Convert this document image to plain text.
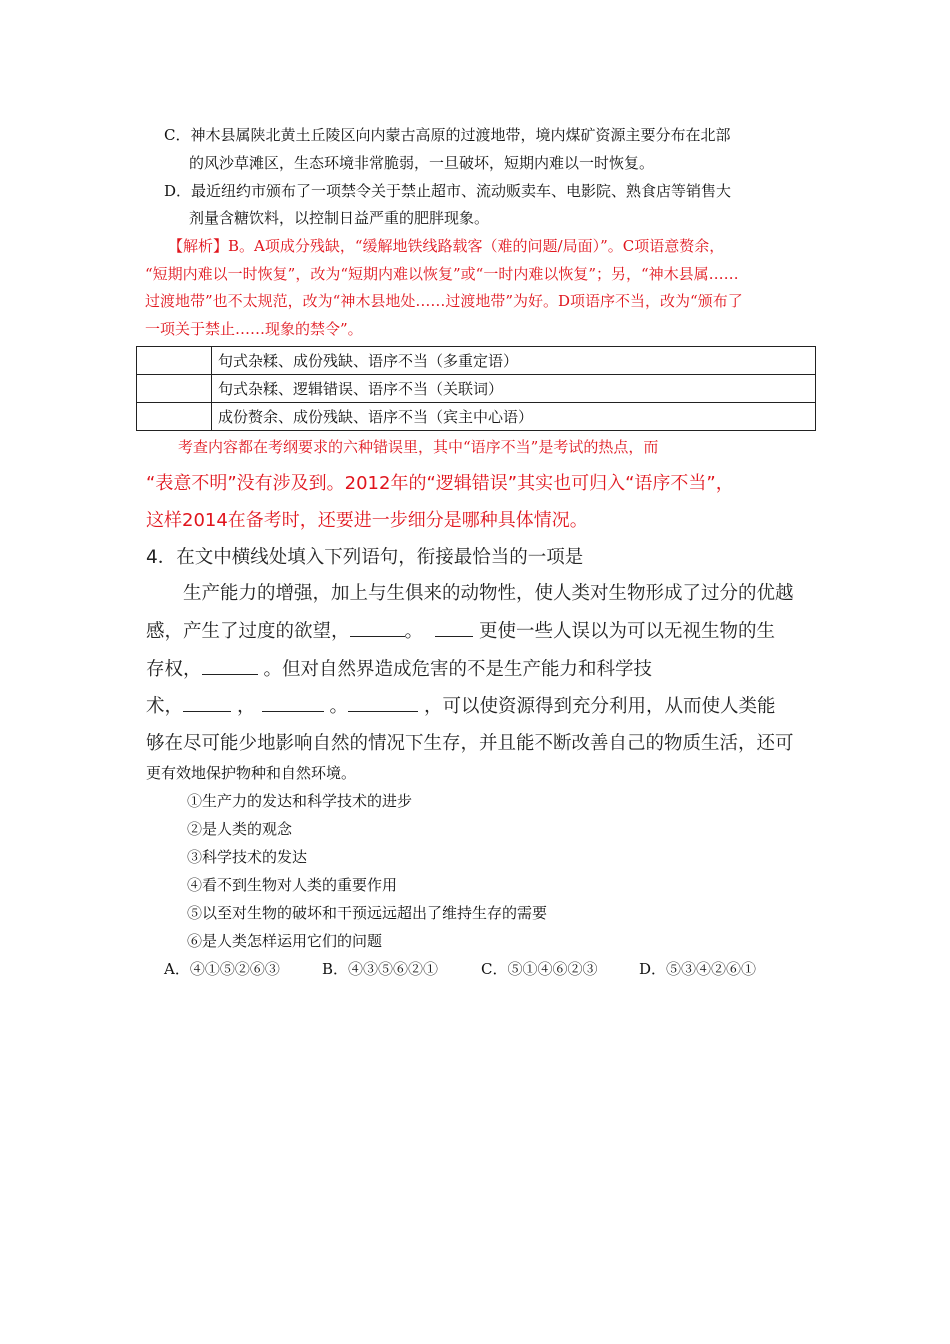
C．神木县属陕北黄土丘陵区向内蒙古高原的过渡地带，境内煤矿资源主要分布在北部
的风沙草滩区，生态环境非常脆弱，一旦破坏，短期内难以一时恢复。
D．最近纽约市颁布了一项禁令关于禁止超市、流动贩卖车、电影院、熟食店等销售大
剂量含糖饮料，以控制日益严重的肥胖现象。
【解析】B。A项成分残缺，“缓解地铁线路载客（难的问题/局面）”。C项语意赘余，
“短期内难以一时恢复”，改为“短期内难以恢复”或“一时内难以恢复”；另，“神木县属……
过渡地带”也不太规范，改为“神木县地处……过渡地带”为好。D项语序不当，改为“颁布了
一项关于禁止……现象的禁令”。
	句式杂糅、成份残缺、语序不当（多重定语）
	句式杂糅、逻辑错误、语序不当（关联词）
	成份赘余、成份残缺、语序不当（宾主中心语）
考查内容都在考纲要求的六种错误里，其中“语序不当”是考试的热点，而
“表意不明”没有涉及到。2012年的“逻辑错误”其实也可归入“语序不当”，
这样2014在备考时，还要进一步细分是哪种具体情况。
4．在文中横线处填入下列语句，衔接最恰当的一项是
生产能力的增强，加上与生俱来的动物性，使人类对生物形成了过分的优越
感，产生了过度的欲望，	。	更使一些人误以为可以无视生物的生
存权，	。但对自然界造成危害的不是生产能力和科学技
术，	，	。	，可以使资源得到充分利用，从而使人类能
够在尽可能少地影响自然的情况下生存，并且能不断改善自己的物质生活，还可
更有效地保护物种和自然环境。
①生产力的发达和科学技术的进步
②是人类的观念
③科学技术的发达
④看不到生物对人类的重要作用
⑤以至对生物的破坏和干预远远超出了维持生存的需要
⑥是人类怎样运用它们的问题
A．④①⑤②⑥③	B．④③⑤⑥②①	C．⑤①④⑥②③	D．⑤③④②⑥①
